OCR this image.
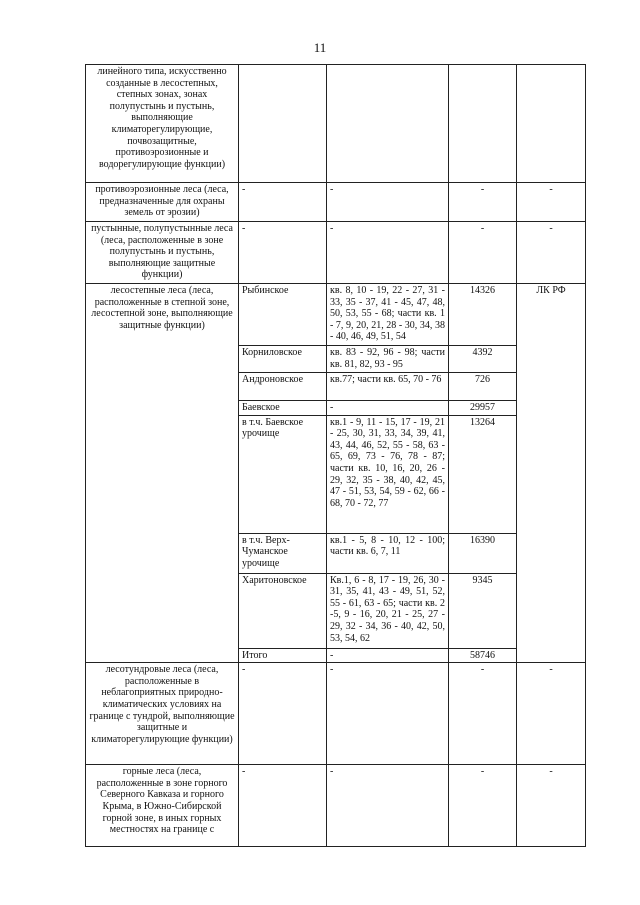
11
линейного типа, искусственно созданные в лесостепных, степных зонах, зонах полупустынь и пустынь, выполняющие климаторегулирующие, почвозащитные, противоэрозионные и водорегулирующие функции)				
противоэрозионные леса (леса, предназначенные для охраны земель от эрозии)	-	-	-	-
пустынные, полупустынные леса (леса, расположенные в зоне полупустынь и пустынь, выполняющие защитные функции)	-	-	-	-
лесостепные леса (леса, расположенные в степной зоне, лесостепной зоне, выполняющие защитные функции)	Рыбинское	кв. 8, 10 - 19, 22 - 27, 31 - 33, 35 - 37, 41 - 45, 47, 48, 50, 53, 55 - 68; части кв. 1 - 7, 9, 20, 21, 28 - 30, 34, 38 - 40, 46, 49, 51, 54	14326	ЛК РФ
	Корниловское	кв. 83 - 92, 96 - 98; части кв. 81, 82, 93 - 95	4392	
	Андроновское	кв.77; части кв. 65, 70 - 76	726	
	Баевское	-	29957	
	в т.ч. Баевское урочище	кв.1 - 9, 11 - 15, 17 - 19, 21 - 25, 30, 31, 33, 34, 39, 41, 43, 44, 46, 52, 55 - 58, 63 - 65, 69, 73 - 76, 78 - 87; части кв. 10, 16, 20, 26 - 29, 32, 35 - 38, 40, 42, 45, 47 - 51, 53, 54, 59 - 62, 66 - 68, 70 - 72, 77	13264	
	в т.ч. Верх-Чуманское урочище	кв.1 - 5, 8 - 10, 12 - 100; части кв. 6, 7, 11	16390	
	Харитоновское	Кв.1, 6 - 8, 17 - 19, 26, 30 - 31, 35, 41, 43 - 49, 51, 52, 55 - 61, 63 - 65; части кв. 2 -5, 9 - 16, 20, 21 - 25, 27 - 29, 32 - 34, 36 - 40, 42, 50, 53, 54, 62	9345	
	Итого	-	58746	
лесотундровые леса (леса, расположенные в неблагоприятных природно-климатических условиях на границе с тундрой, выполняющие защитные и климаторегулирующие функции)	-	-	-	-
горные леса (леса, расположенные в зоне горного Северного Кавказа и горного Крыма, в Южно-Сибирской горной зоне, в иных горных местностях на границе с	-	-	-	-
